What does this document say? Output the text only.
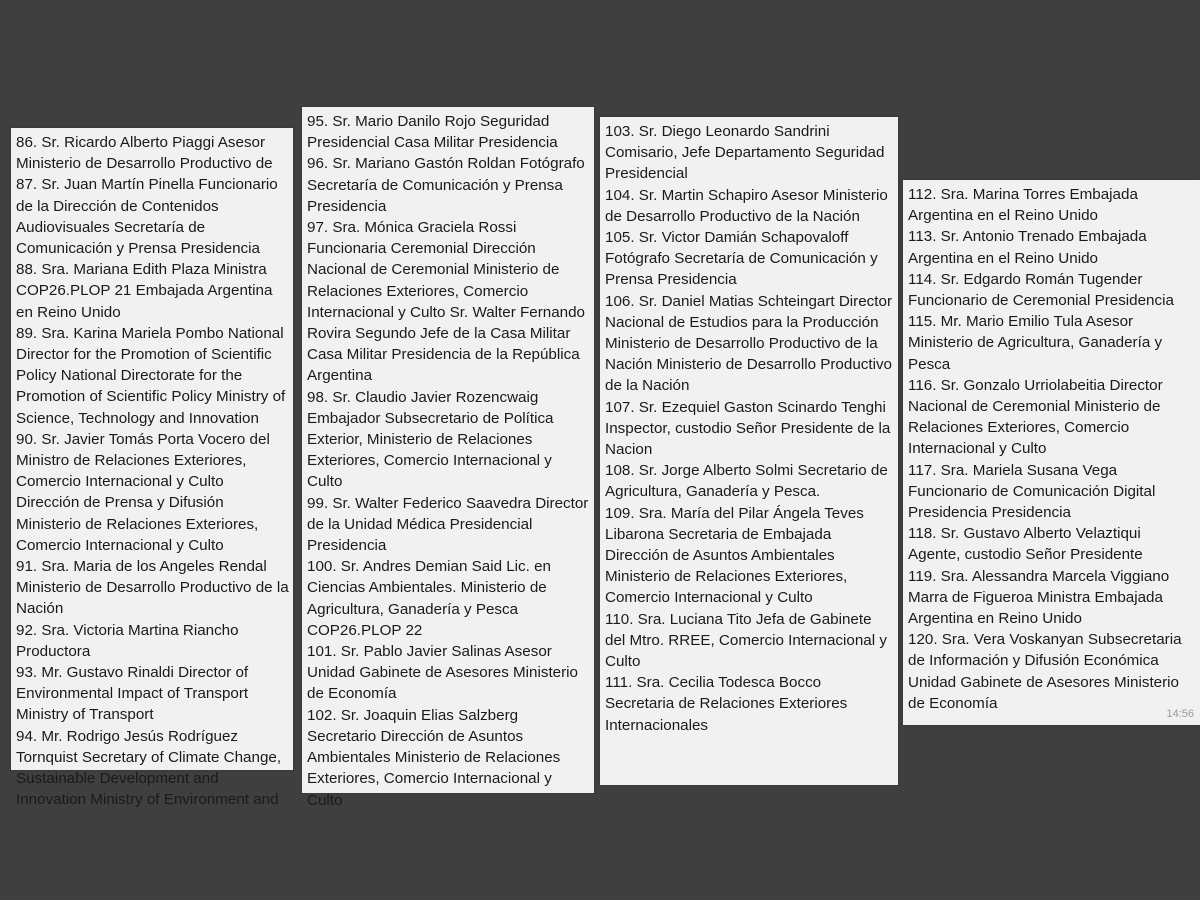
86. Sr. Ricardo Alberto Piaggi Asesor Ministerio de Desarrollo Productivo de

87. Sr. Juan Martín Pinella Funcionario de la Dirección de Contenidos Audiovisuales Secretaría de Comunicación y Prensa Presidencia

88. Sra. Mariana Edith Plaza Ministra COP26.PLOP 21 Embajada Argentina en Reino Unido

89. Sra. Karina Mariela Pombo National Director for the Promotion of Scientific Policy National Directorate for the Promotion of Scientific Policy Ministry of Science, Technology and Innovation

90. Sr. Javier Tomás Porta Vocero del Ministro de Relaciones Exteriores, Comercio Internacional y Culto Dirección de Prensa y Difusión Ministerio de Relaciones Exteriores, Comercio Internacional y Culto

91. Sra. Maria de los Angeles Rendal Ministerio de Desarrollo Productivo de la Nación

92. Sra. Victoria Martina Riancho Productora

93. Mr. Gustavo Rinaldi Director of Environmental Impact of Transport Ministry of Transport

94. Mr. Rodrigo Jesús Rodríguez Tornquist Secretary of Climate Change, Sustainable Development and Innovation Ministry of Environment and

95. Sr. Mario Danilo Rojo Seguridad Presidencial Casa Militar Presidencia

96. Sr. Mariano Gastón Roldan Fotógrafo Secretaría de Comunicación y Prensa Presidencia

97. Sra. Mónica Graciela Rossi Funcionaria Ceremonial Dirección Nacional de Ceremonial Ministerio de Relaciones Exteriores, Comercio Internacional y Culto Sr. Walter Fernando Rovira Segundo Jefe de la Casa Militar Casa Militar Presidencia de la República Argentina

98. Sr. Claudio Javier Rozencwaig Embajador Subsecretario de Política Exterior, Ministerio de Relaciones Exteriores, Comercio Internacional y Culto

99. Sr. Walter Federico Saavedra Director de la Unidad Médica Presidencial Presidencia

100. Sr. Andres Demian Said Lic. en Ciencias Ambientales. Ministerio de Agricultura, Ganadería y Pesca COP26.PLOP 22

101. Sr. Pablo Javier Salinas Asesor Unidad Gabinete de Asesores Ministerio de Economía

102. Sr. Joaquin Elias Salzberg Secretario Dirección de Asuntos Ambientales Ministerio de Relaciones Exteriores, Comercio Internacional y Culto

103. Sr. Diego Leonardo Sandrini Comisario, Jefe Departamento Seguridad Presidencial

104. Sr. Martin Schapiro Asesor Ministerio de Desarrollo Productivo de la Nación

105. Sr. Victor Damián Schapovaloff Fotógrafo Secretaría de Comunicación y Prensa Presidencia

106. Sr. Daniel Matias Schteingart Director Nacional de Estudios para la Producción Ministerio de Desarrollo Productivo de la Nación Ministerio de Desarrollo Productivo de la Nación

107. Sr. Ezequiel Gaston Scinardo Tenghi Inspector, custodio Señor Presidente de la Nacion

108. Sr. Jorge Alberto Solmi Secretario de Agricultura, Ganadería y Pesca.

109. Sra. María del Pilar Ángela Teves Libarona Secretaria de Embajada Dirección de Asuntos Ambientales Ministerio de Relaciones Exteriores, Comercio Internacional y Culto

110. Sra. Luciana Tito Jefa de Gabinete del Mtro. RREE, Comercio Internacional y Culto

111. Sra. Cecilia Todesca Bocco Secretaria de Relaciones Exteriores Internacionales

112. Sra. Marina Torres Embajada Argentina en el Reino Unido

113. Sr. Antonio Trenado Embajada Argentina en el Reino Unido

114. Sr. Edgardo Román Tugender Funcionario de Ceremonial Presidencia

115. Mr. Mario Emilio Tula Asesor Ministerio de Agricultura, Ganadería y Pesca

116. Sr. Gonzalo Urriolabeitia Director Nacional de Ceremonial Ministerio de Relaciones Exteriores, Comercio Internacional y Culto

117. Sra. Mariela Susana Vega Funcionario de Comunicación Digital Presidencia Presidencia

118. Sr. Gustavo Alberto Velaztiqui Agente, custodio Señor Presidente

119. Sra. Alessandra Marcela Viggiano Marra de Figueroa Ministra Embajada Argentina en Reino Unido

120. Sra. Vera Voskanyan Subsecretaria de Información y Difusión Económica Unidad Gabinete de Asesores Ministerio de Economía

14:56
